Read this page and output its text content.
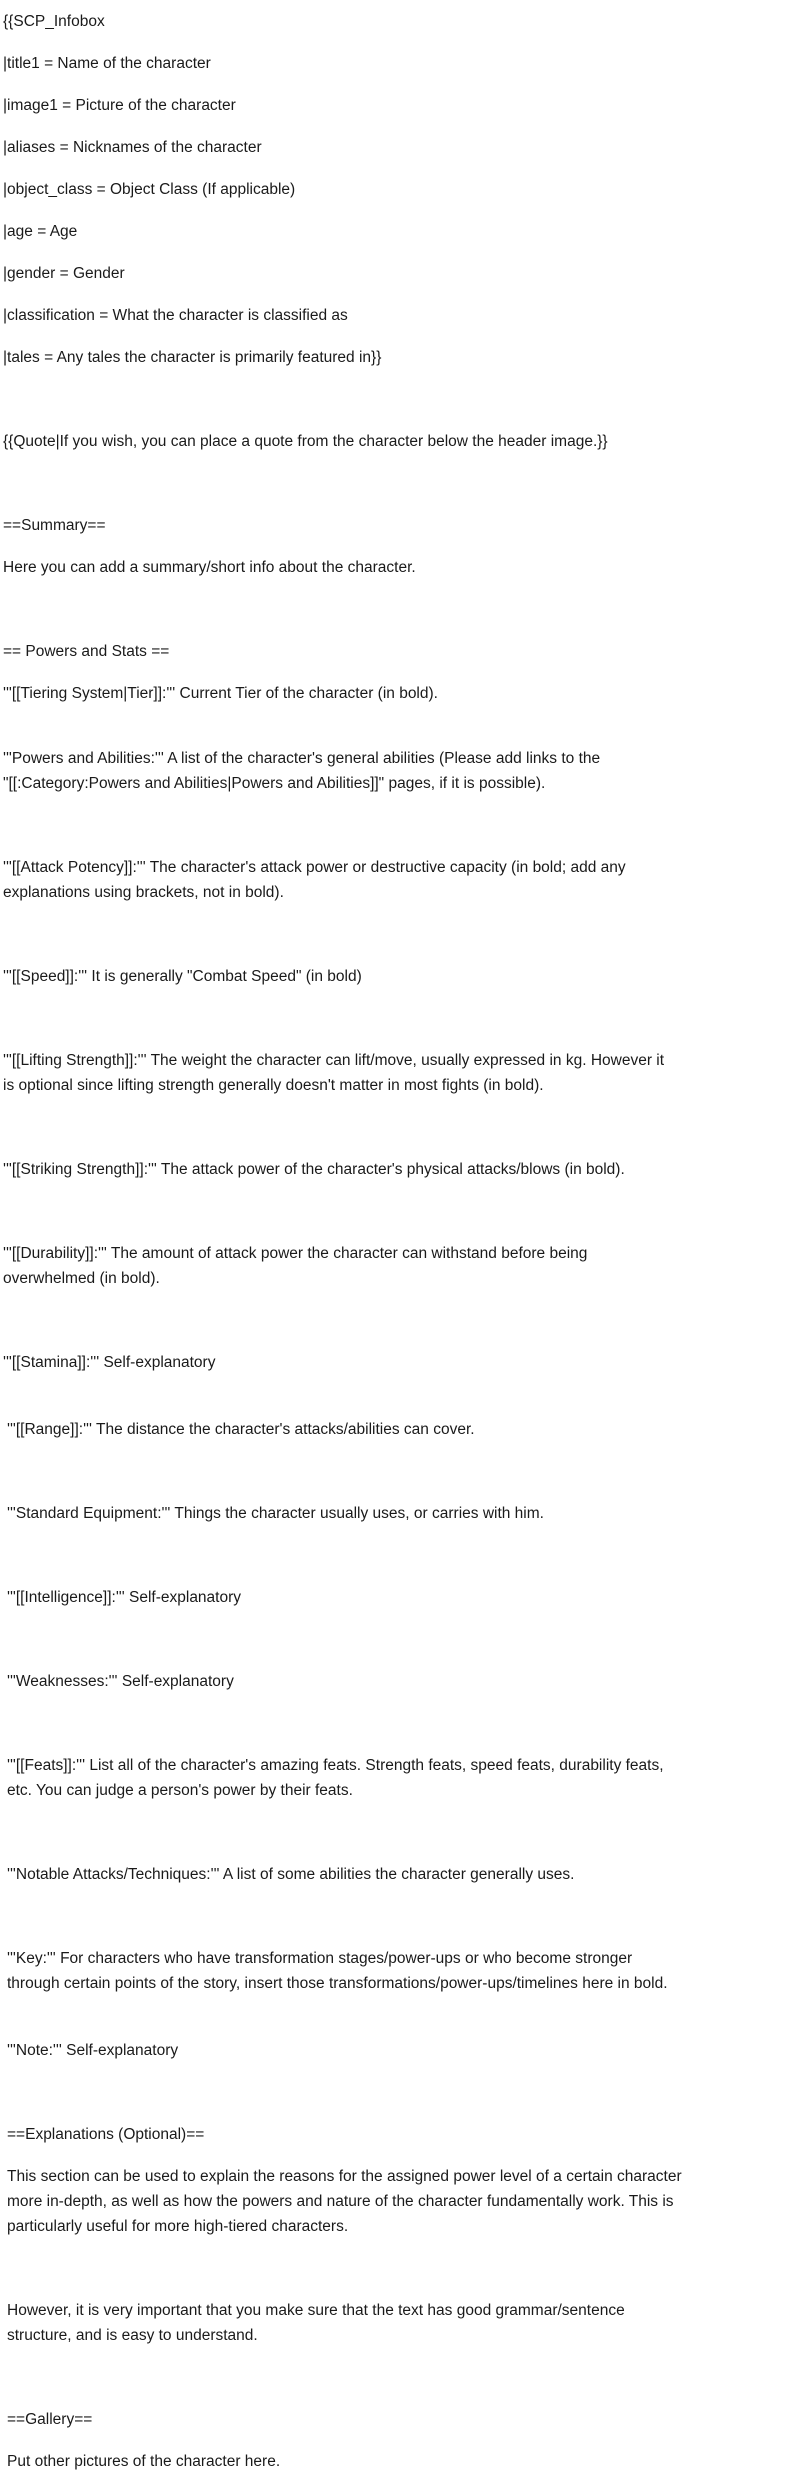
{{SCP_Infobox

|title1 = Name of the character

|image1 = Picture of the character

|aliases = Nicknames of the character

|object_class = Object Class (If applicable)

|age = Age

|gender = Gender

|classification = What the character is classified as

|tales = Any tales the character is primarily featured in}}

{{Quote|If you wish, you can place a quote from the character below the header image.}}

==Summary==

Here you can add a summary/short info about the character.

== Powers and Stats ==

'''[[Tiering System|Tier]]:''' Current Tier of the character (in bold).

'''Powers and Abilities:''' A list of the character's general abilities (Please add links to the

"[[:Category:Powers and Abilities|Powers and Abilities]]" pages, if it is possible).

'''[[Attack Potency]]:''' The character's attack power or destructive capacity (in bold; add any

explanations using brackets, not in bold).

'''[[Speed]]:''' It is generally "Combat Speed" (in bold)

'''[[Lifting Strength]]:''' The weight the character can lift/move, usually expressed in kg. However it

is optional since lifting strength generally doesn't matter in most fights (in bold).

'''[[Striking Strength]]:''' The attack power of the character's physical attacks/blows (in bold).

'''[[Durability]]:''' The amount of attack power the character can withstand before being

overwhelmed (in bold).

'''[[Stamina]]:''' Self-explanatory

'''[[Range]]:''' The distance the character's attacks/abilities can cover.

'''Standard Equipment:''' Things the character usually uses, or carries with him.

'''[[Intelligence]]:''' Self-explanatory

'''Weaknesses:''' Self-explanatory

'''[[Feats]]:''' List all of the character's amazing feats. Strength feats, speed feats, durability feats,

etc. You can judge a person's power by their feats.

'''Notable Attacks/Techniques:''' A list of some abilities the character generally uses.

'''Key:''' For characters who have transformation stages/power-ups or who become stronger

through certain points of the story, insert those transformations/power-ups/timelines here in bold.

'''Note:''' Self-explanatory

==Explanations (Optional)==

This section can be used to explain the reasons for the assigned power level of a certain character

more in-depth, as well as how the powers and nature of the character fundamentally work. This is

particularly useful for more high-tiered characters.

However, it is very important that you make sure that the text has good grammar/sentence

structure, and is easy to understand.

==Gallery==

Put other pictures of the character here.
